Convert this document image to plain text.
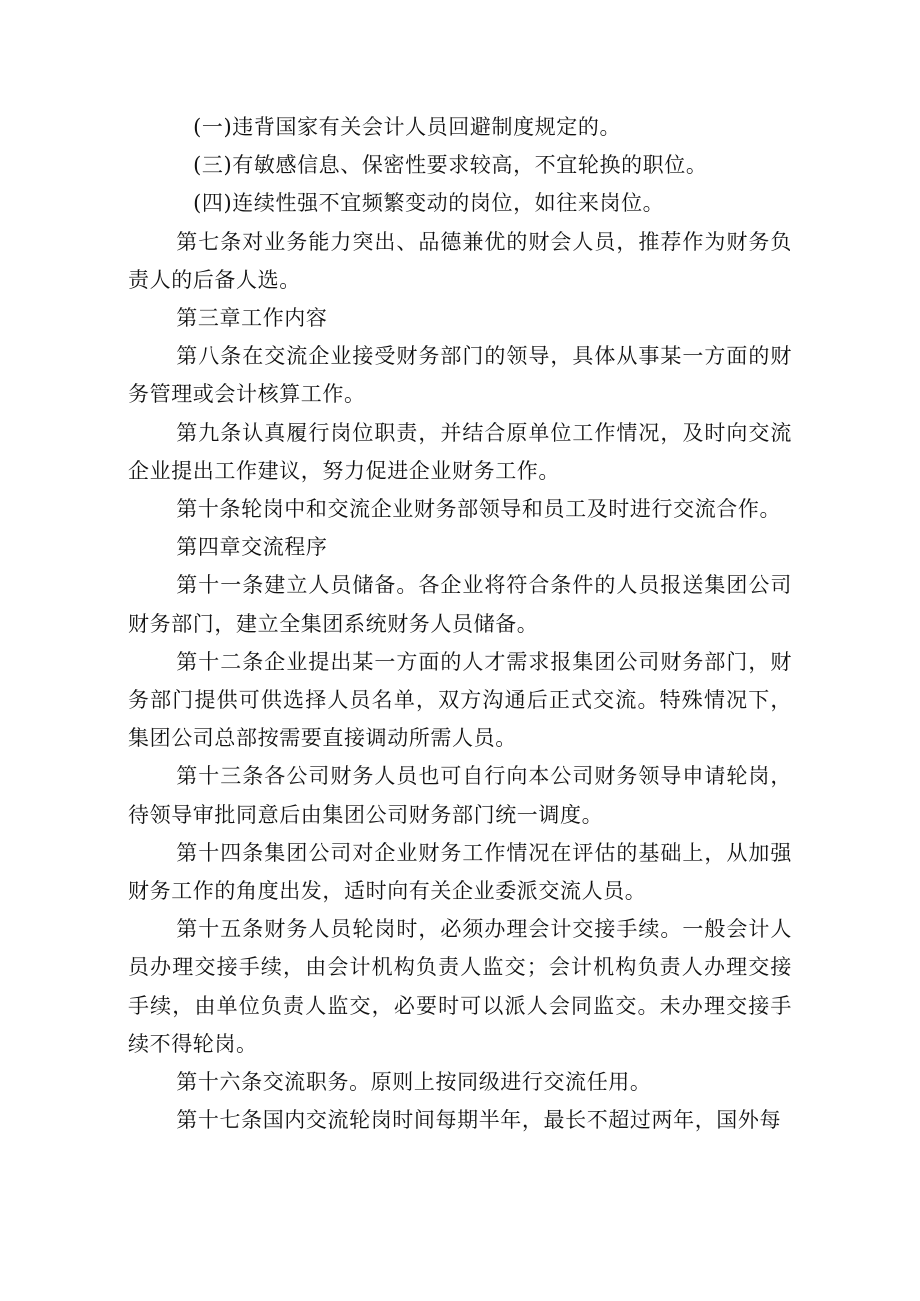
(一)违背国家有关会计人员回避制度规定的。

(三)有敏感信息、保密性要求较高，不宜轮换的职位。

(四)连续性强不宜频繁变动的岗位，如往来岗位。

第七条对业务能力突出、品德兼优的财会人员，推荐作为财务负责人的后备人选。

第三章工作内容

第八条在交流企业接受财务部门的领导，具体从事某一方面的财务管理或会计核算工作。

第九条认真履行岗位职责，并结合原单位工作情况，及时向交流企业提出工作建议，努力促进企业财务工作。

第十条轮岗中和交流企业财务部领导和员工及时进行交流合作。

第四章交流程序

第十一条建立人员储备。各企业将符合条件的人员报送集团公司财务部门，建立全集团系统财务人员储备。

第十二条企业提出某一方面的人才需求报集团公司财务部门，财务部门提供可供选择人员名单，双方沟通后正式交流。特殊情况下，集团公司总部按需要直接调动所需人员。

第十三条各公司财务人员也可自行向本公司财务领导申请轮岗，待领导审批同意后由集团公司财务部门统一调度。

第十四条集团公司对企业财务工作情况在评估的基础上，从加强财务工作的角度出发，适时向有关企业委派交流人员。

第十五条财务人员轮岗时，必须办理会计交接手续。一般会计人员办理交接手续，由会计机构负责人监交；会计机构负责人办理交接手续，由单位负责人监交，必要时可以派人会同监交。未办理交接手续不得轮岗。

第十六条交流职务。原则上按同级进行交流任用。

第十七条国内交流轮岗时间每期半年，最长不超过两年，国外每
